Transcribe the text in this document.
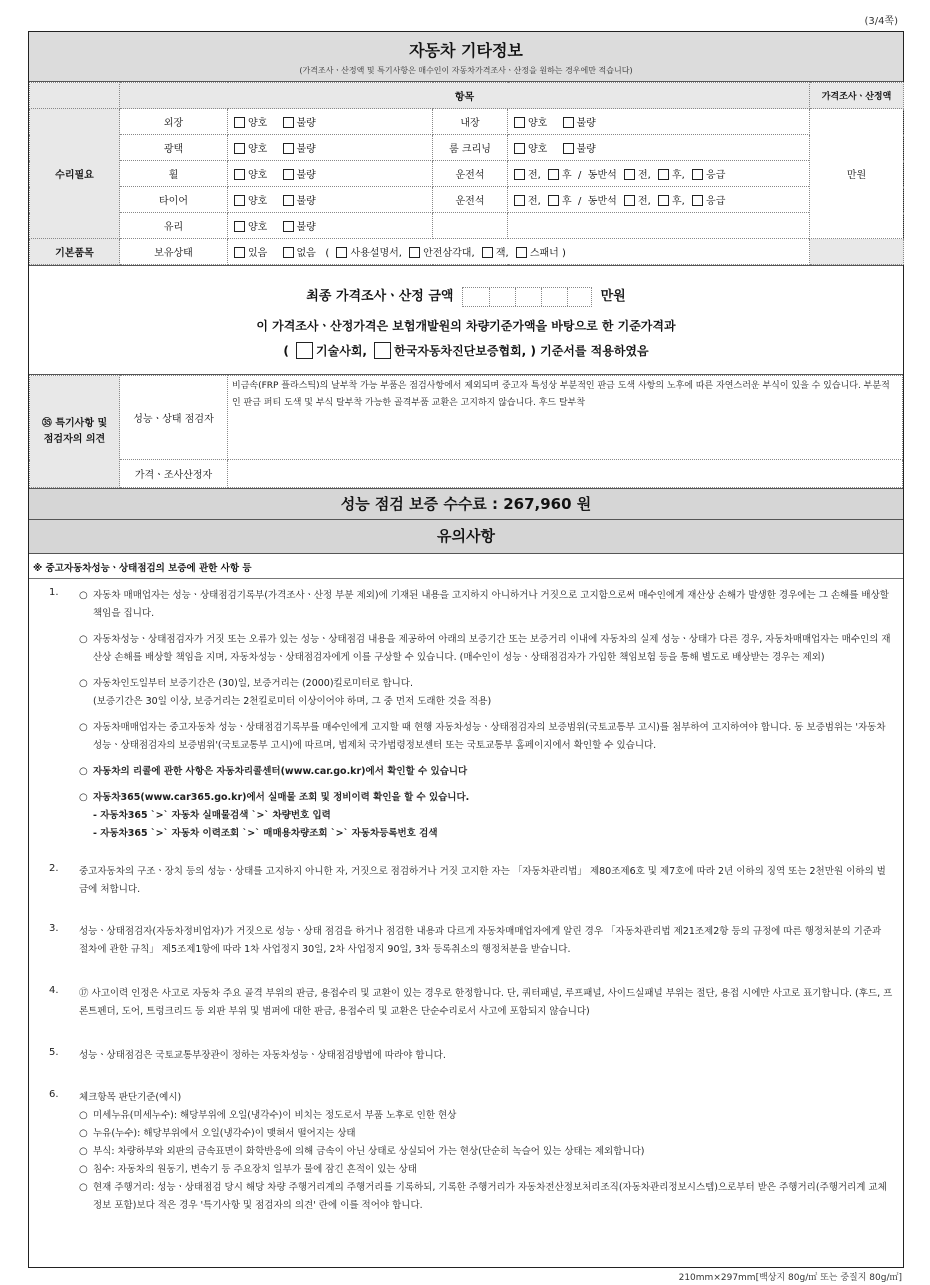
(3/4쪽)
자동차 기타정보
(가격조사ㆍ산정액 및 특기사항은 매수인이 자동차가격조사ㆍ산정을 원하는 경우에만 적습니다)
	항목				가격조사ㆍ산정액
수리필요	외장	양호 불량	내장	양호 불량	만원
	광택	양호 불량	룸 크리닝	양호 불량	
	휠	양호 불량	운전석	전, 후  /  동반석 전, 후, 응급	
	타이어	양호 불량	운전석	전, 후  /  동반석 전, 후, 응급	
	유리	양호 불량			
기본품목	보유상태	있음 없음   ( 사용설명서, 안전삼각대, 잭, 스패너 )			
최종 가격조사ㆍ산정 금액	만원
이 가격조사ㆍ산정가격은 보험개발원의 차량기준가액을 바탕으로 한 기준가격과
( 기술사회, 한국자동차진단보증협회, ) 기준서를 적용하였음
㉟ 특기사항 및 점검자의 의견	성능ㆍ상태 점검자	비금속(FRP 플라스틱)의 날부착 가능 부품은 점검사항에서 제외되며 중고자 특성상 부분적인 판금 도색 사항의 노후에 따른 자연스러운 부식이 있을 수 있습니다. 부분적인 판금 퍼티 도색 및 부식 탈부착 가능한 골격부품 교환은 고지하지 않습니다. 후드 탈부착
	가격ㆍ조사산정자	
성능 점검 보증 수수료 : 267,960 원
유의사항
※ 중고자동차성능ㆍ상태점검의 보증에 관한 사항 등
1.	○ 자동차 매매업자는 성능ㆍ상태점검기록부(가격조사ㆍ산정 부분 제외)에 기재된 내용을 고지하지 아니하거나 거짓으로 고지함으로써 매수인에게 재산상 손해가 발생한 경우에는 그 손해를 배상할 책임을 집니다.
○ 자동차성능ㆍ상태점검자가 거짓 또는 오류가 있는 성능ㆍ상태점검 내용을 제공하여 아래의 보증기간 또는 보증거리 이내에 자동차의 실제 성능ㆍ상태가 다른 경우, 자동차매매업자는 매수인의 재산상 손해를 배상할 책임을 지며, 자동차성능ㆍ상태점검자에게 이를 구상할 수 있습니다. (매수인이 성능ㆍ상태점검자가 가입한 책임보험 등을 통해 별도로 배상받는 경우는 제외)
○ 자동차인도일부터 보증기간은 (30)일, 보증거리는 (2000)킬로미터로 합니다.
(보증기간은 30일 이상, 보증거리는 2천킬로미터 이상이어야 하며, 그 중 먼저 도래한 것을 적용)
○ 자동차매매업자는 중고자동차 성능ㆍ상태점검기록부를 매수인에게 고지할 때 현행 자동차성능ㆍ상태점검자의 보증범위(국토교통부 고시)를 첨부하여 고지하여야 합니다. 동 보증범위는 '자동차성능ㆍ상태점검자의 보증범위'(국토교통부 고시)에 따르며, 법제처 국가법령정보센터 또는 국토교통부 홈페이지에서 확인할 수 있습니다.
○ 자동차의 리콜에 관한 사항은 자동차리콜센터(www.car.go.kr)에서 확인할 수 있습니다
○ 자동차365(www.car365.go.kr)에서 실매물 조회 및 정비이력 확인을 할 수 있습니다.
- 자동차365 `>` 자동차 실매물검색 `>` 차량번호 입력
- 자동차365 `>` 자동차 이력조회 `>` 매매용차량조회 `>` 자동차등록번호 검색
2. 중고자동차의 구조ㆍ장치 등의 성능ㆍ상태를 고지하지 아니한 자, 거짓으로 점검하거나 거짓 고지한 자는 「자동차관리법」 제80조제6호 및 제7호에 따라 2년 이하의 징역 또는 2천만원 이하의 벌금에 처합니다.
3. 성능ㆍ상태점검자(자동차정비업자)가 거짓으로 성능ㆍ상태 점검을 하거나 점검한 내용과 다르게 자동차매매업자에게 알린 경우 「자동차관리법 제21조제2항 등의 규정에 따른 행정처분의 기준과 절차에 관한 규칙」 제5조제1항에 따라 1차 사업정지 30일, 2차 사업정지 90일, 3차 등록취소의 행정처분을 받습니다.
4. ⑰ 사고이력 인정은 사고로 자동차 주요 골격 부위의 판금, 용접수리 및 교환이 있는 경우로 한정합니다. 단, 쿼터패널, 루프패널, 사이드실패널 부위는 절단, 용접 시에만 사고로 표기합니다. (후드, 프론트펜더, 도어, 트렁크리드 등 외판 부위 및 범퍼에 대한 판금, 용접수리 및 교환은 단순수리로서 사고에 포함되지 않습니다)
5. 성능ㆍ상태점검은 국토교통부장관이 정하는 자동차성능ㆍ상태점검방법에 따라야 합니다.
6. 체크항목 판단기준(예시)
○ 미세누유(미세누수): 해당부위에 오일(냉각수)이 비치는 정도로서 부품 노후로 인한 현상
○ 누유(누수): 해당부위에서 오일(냉각수)이 맺혀서 떨어지는 상태
○ 부식: 차량하부와 외판의 금속표면이 화학반응에 의해 금속이 아닌 상태로 상실되어 가는 현상(단순히 녹슬어 있는 상태는 제외합니다)
○ 침수: 자동차의 원동기, 변속기 등 주요장치 일부가 물에 잠긴 흔적이 있는 상태
○ 현재 주행거리: 성능ㆍ상태점검 당시 해당 차량 주행거리계의 주행거리를 기록하되, 기록한 주행거리가 자동차전산정보처리조직(자동차관리정보시스템)으로부터 받은 주행거리(주행거리계 교체 정보 포함)보다 적은 경우 '특기사항 및 점검자의 의견' 란에 이를 적어야 합니다.
210mm×297mm[백상지 80g/㎡ 또는 중질지 80g/㎡]
